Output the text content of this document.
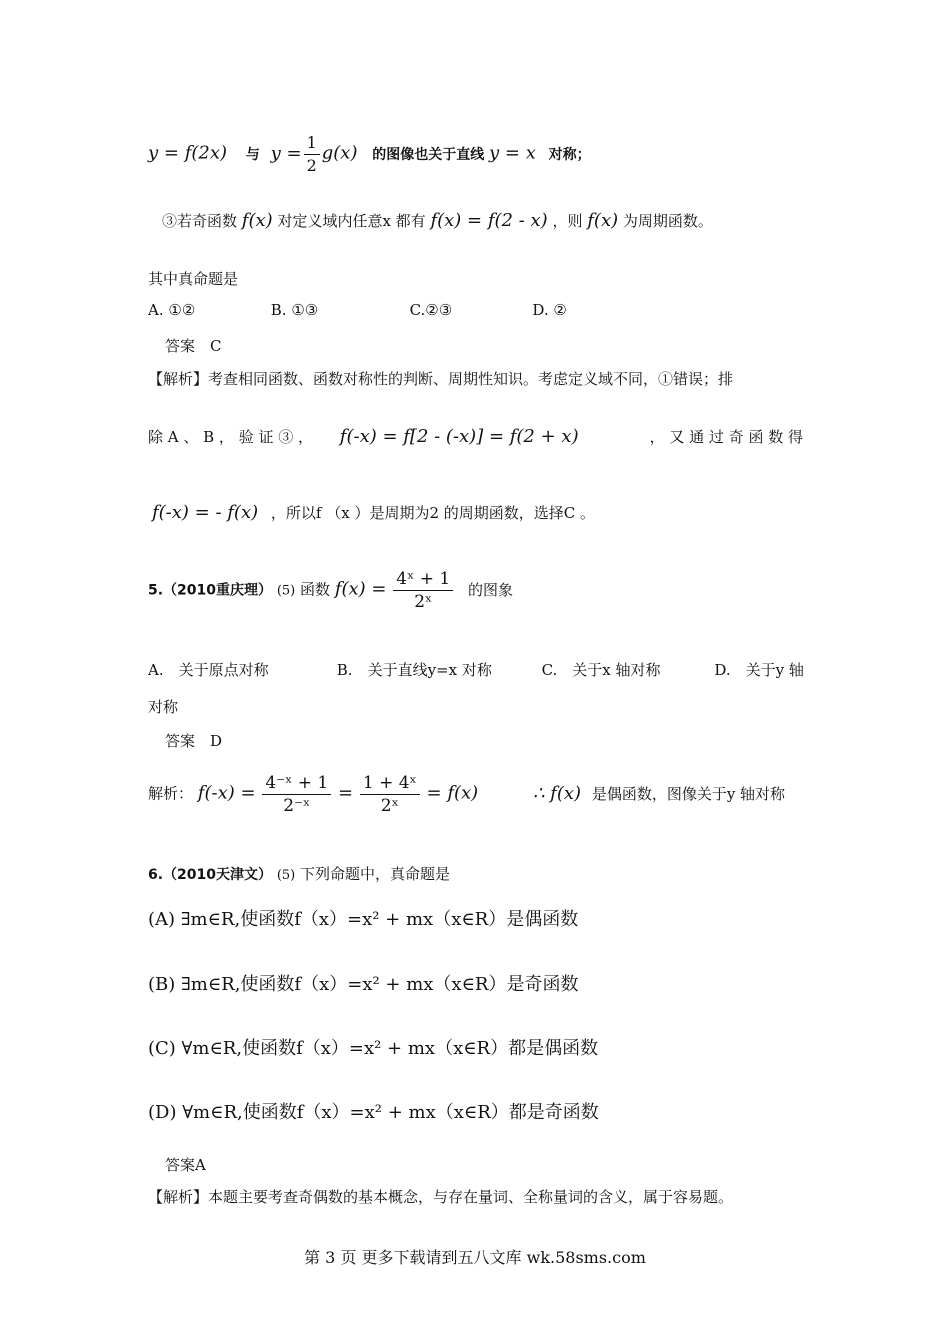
y = f(2x) 与 $y = \frac{1}{2} g(x)$ 的图像也关于直线 y = x 对称；
③若奇函数 f(x) 对定义域内任意x 都有 f(x) = f(2 - x) ，则 f(x) 为周期函数。
其中真命题是
A. ①②	B. ①③	C.②③	D. ②
答案　C
【解析】考查相同函数、函数对称性的判断、周期性知识。考虑定义域不同，①错误；排
除 A 、 B ， 验 证 ③ ， f(-x) = f[2 - (-x)] = f(2 + x)	， 又 通 过 奇 函 数 得
f(-x) = - f(x) ，所以f （x ）是周期为2 的周期函数，选择C 。
5.（2010重庆理） (5) 函数 $f(x) = \frac{\text{4ˣ + 1}}{\text{2ˣ}}$ 的图象
A.　关于原点对称	B.　关于直线y=x 对称	C.　关于x 轴对称	D.　关于y 轴
对称
答案　D
解析： $f(-x) = \frac{\text{4⁻ˣ + 1}}{\text{2⁻ˣ}} = \frac{\text{1 + 4ˣ}}{\text{2ˣ}} = f(x)$	∴ f(x) 是偶函数，图像关于y 轴对称
6.（2010天津文） (5) 下列命题中，真命题是
(A) ∃m∈R,使函数f（x）=x² + mx（x∈R）是偶函数
(B) ∃m∈R,使函数f（x）=x² + mx（x∈R）是奇函数
(C) ∀m∈R,使函数f（x）=x² + mx（x∈R）都是偶函数
(D) ∀m∈R,使函数f（x）=x² + mx（x∈R）都是奇函数
答案A
【解析】本题主要考查奇偶数的基本概念，与存在量词、全称量词的含义，属于容易题。
第 3 页 更多下载请到五八文库 wk.58sms.com
